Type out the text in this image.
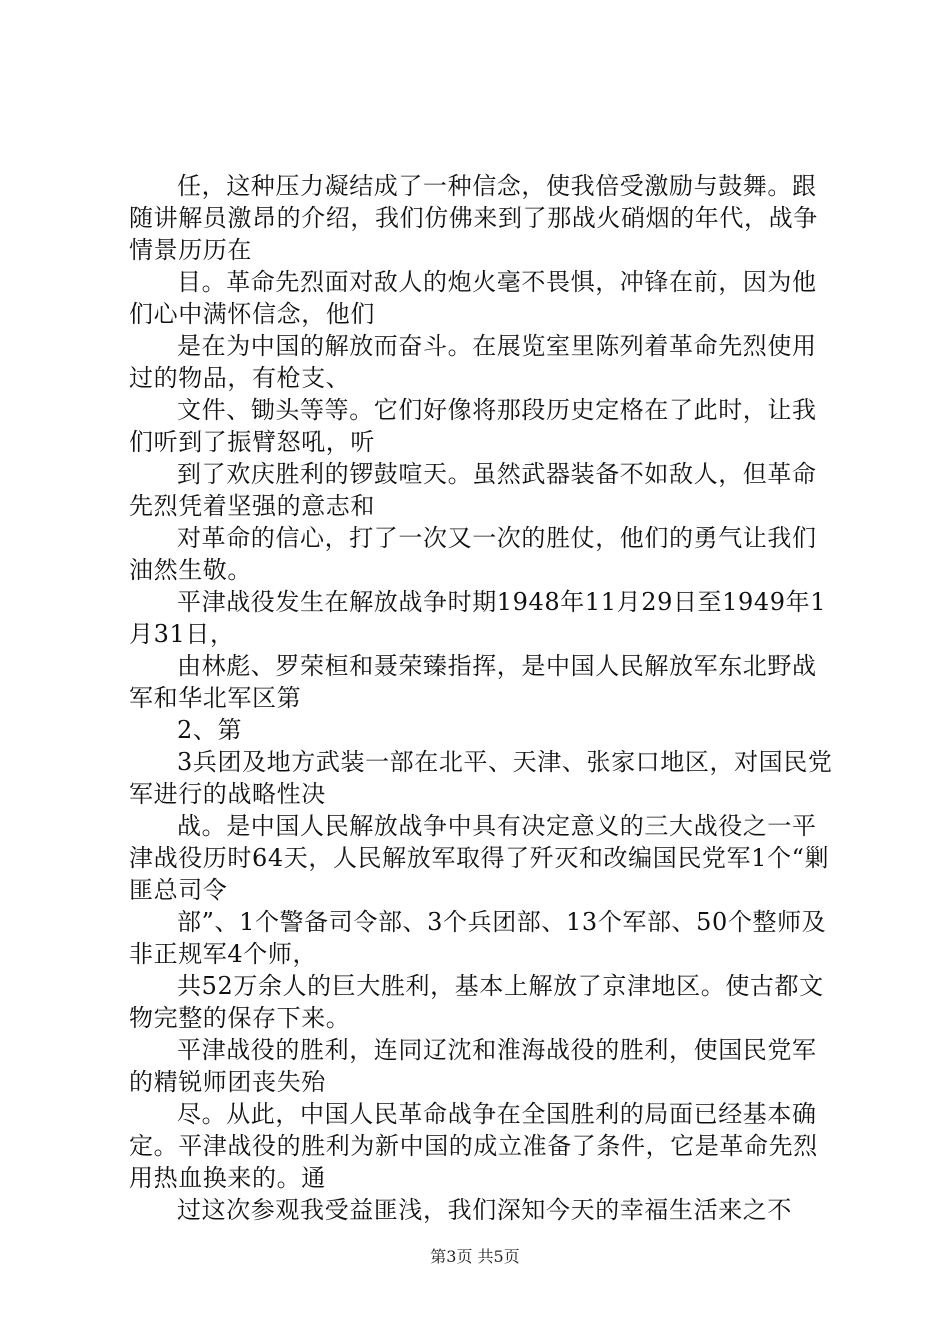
任，这种压力凝结成了一种信念，使我倍受激励与鼓舞。跟随讲解员激昂的介绍，我们仿佛来到了那战火硝烟的年代，战争情景历历在

目。革命先烈面对敌人的炮火毫不畏惧，冲锋在前，因为他们心中满怀信念，他们

是在为中国的解放而奋斗。在展览室里陈列着革命先烈使用过的物品，有枪支、

文件、锄头等等。它们好像将那段历史定格在了此时，让我们听到了振臂怒吼，听

到了欢庆胜利的锣鼓喧天。虽然武器装备不如敌人，但革命先烈凭着坚强的意志和

对革命的信心，打了一次又一次的胜仗，他们的勇气让我们油然生敬。

平津战役发生在解放战争时期1948年11月29日至1949年1月31日，

由林彪、罗荣桓和聂荣臻指挥，是中国人民解放军东北野战军和华北军区第

2、第

3兵团及地方武装一部在北平、天津、张家口地区，对国民党军进行的战略性决

战。是中国人民解放战争中具有决定意义的三大战役之一平津战役历时64天，人民解放军取得了歼灭和改编国民党军1个“剿匪总司令

部”、1个警备司令部、3个兵团部、13个军部、50个整师及非正规军4个师，

共52万余人的巨大胜利，基本上解放了京津地区。使古都文物完整的保存下来。

平津战役的胜利，连同辽沈和淮海战役的胜利，使国民党军的精锐师团丧失殆

尽。从此，中国人民革命战争在全国胜利的局面已经基本确定。平津战役的胜利为新中国的成立准备了条件，它是革命先烈用热血换来的。通

过这次参观我受益匪浅，我们深知今天的幸福生活来之不

第3页 共5页
